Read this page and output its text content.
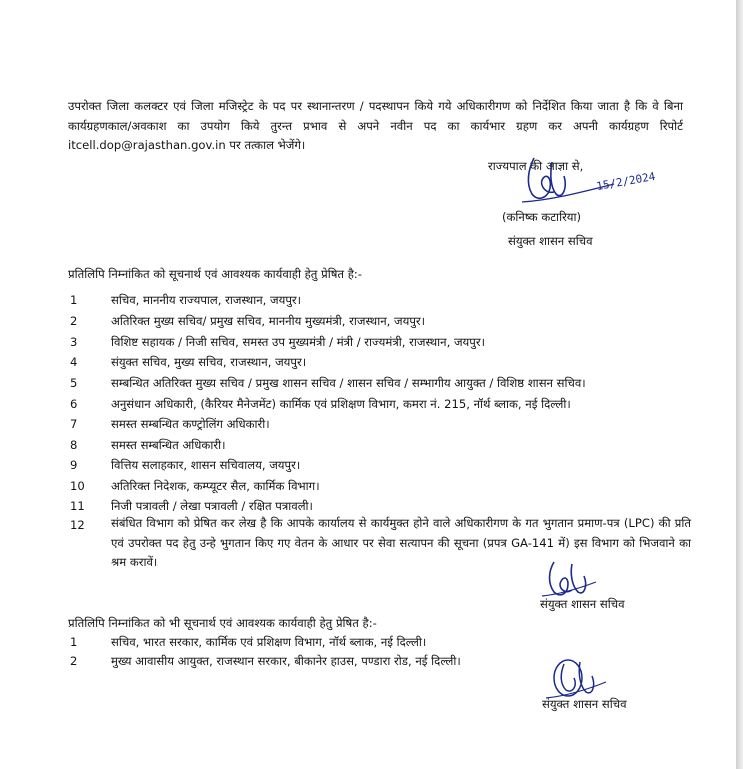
उपरोक्त जिला कलक्टर एवं जिला मजिस्ट्रेट के पद पर स्थानान्तरण / पदस्थापन किये गये अधिकारीगण को निर्देशित किया जाता है कि वे बिना कार्यग्रहणकाल/अवकाश का उपयोग किये तुरन्त प्रभाव से अपने नवीन पद का कार्यभार ग्रहण कर अपनी कार्यग्रहण रिपोर्ट itcell.dop@rajasthan.gov.in पर तत्काल भेजेंगे।
राज्यपाल की आज्ञा से,
15/2/2024
(कनिष्क कटारिया)
संयुक्त शासन सचिव
प्रतिलिपि निम्नांकित को सूचनार्थ एवं आवश्यक कार्यवाही हेतु प्रेषित है:-
1	सचिव, माननीय राज्यपाल, राजस्थान, जयपुर।
2	अतिरिक्त मुख्य सचिव/ प्रमुख सचिव, माननीय मुख्यमंत्री, राजस्थान, जयपुर।
3	विशिष्ट सहायक / निजी सचिव, समस्त उप मुख्यमंत्री / मंत्री / राज्यमंत्री, राजस्थान, जयपुर।
4	संयुक्त सचिव, मुख्य सचिव, राजस्थान, जयपुर।
5	सम्बन्धित अतिरिक्त मुख्य सचिव / प्रमुख शासन सचिव / शासन सचिव / सम्भागीय आयुक्त / विशिष्ठ शासन सचिव।
6	अनुसंधान अधिकारी, (कैरियर मैनेजमेंट) कार्मिक एवं प्रशिक्षण विभाग, कमरा नं. 215, नॉर्थ ब्लाक, नई दिल्ली।
7	समस्त सम्बन्धित कण्ट्रोलिंग अधिकारी।
8	समस्त सम्बन्धित अधिकारी।
9	वित्तिय सलाहकार, शासन सचिवालय, जयपुर।
10 अतिरिक्त निदेशक, कम्प्यूटर सैल, कार्मिक विभाग।
11 निजी पत्रावली / लेखा पत्रावली / रक्षित पत्रावली।
12 संबंधित विभाग को प्रेषित कर लेख है कि आपके कार्यालय से कार्यमुक्त होने वाले अधिकारीगण के गत भुगतान प्रमाण-पत्र (LPC) की प्रति एवं उपरोक्त पद हेतु उन्हे भुगतान किए गए वेतन के आधार पर सेवा सत्यापन की सूचना (प्रपत्र GA-141 में) इस विभाग को भिजवाने का श्रम करावें।
संयुक्त शासन सचिव
प्रतिलिपि निम्नांकित को भी सूचनार्थ एवं आवश्यक कार्यवाही हेतु प्रेषित है:-
1	सचिव, भारत सरकार, कार्मिक एवं प्रशिक्षण विभाग, नॉर्थ ब्लाक, नई दिल्ली।
2	मुख्य आवासीय आयुक्त, राजस्थान सरकार, बीकानेर हाउस, पण्डारा रोड, नई दिल्ली।
संयुक्त शासन सचिव
